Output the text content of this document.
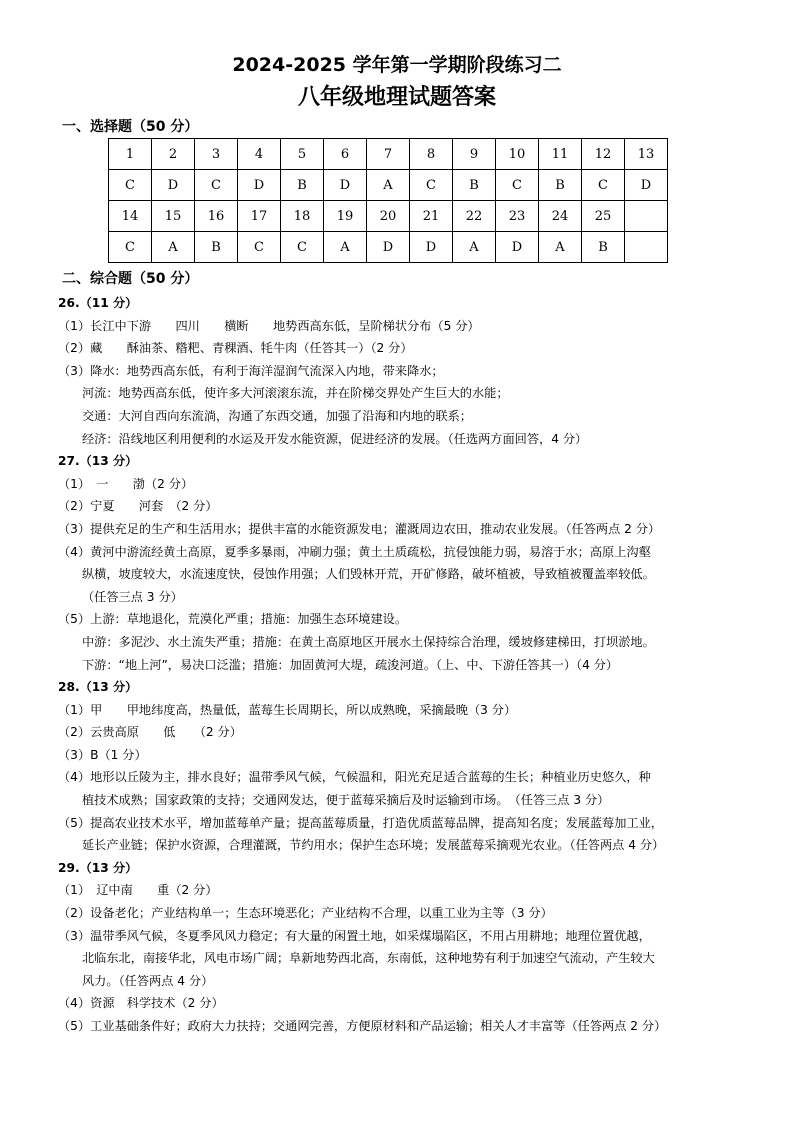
2024-2025 学年第一学期阶段练习二
八年级地理试题答案
一、选择题（50 分）
1	2	3	4	5	6	7	8	9	10	11	12	13
C	D	C	D	B	D	A	C	B	C	B	C	D
14	15	16	17	18	19	20	21	22	23	24	25	
C	A	B	C	C	A	D	D	A	D	A	B	
二、综合题（50 分）
26.（11 分）
（1）长江中下游　　四川　　横断　　地势西高东低，呈阶梯状分布（5 分）
（2）藏　　酥油茶、糌粑、青稞酒、牦牛肉（任答其一）（2 分）
（3）降水：地势西高东低，有利于海洋湿润气流深入内地，带来降水；
河流：地势西高东低，使许多大河滚滚东流，并在阶梯交界处产生巨大的水能；
交通：大河自西向东流淌，沟通了东西交通，加强了沿海和内地的联系；
经济：沿线地区利用便利的水运及开发水能资源，促进经济的发展。（任选两方面回答，4 分）
27.（13 分）
（1）　一　　渤（2 分）
（2）宁夏　　河套　（2 分）
（3）提供充足的生产和生活用水；提供丰富的水能资源发电；灌溉周边农田，推动农业发展。（任答两点 2 分）
（4）黄河中游流经黄土高原，夏季多暴雨，冲刷力强；黄土土质疏松，抗侵蚀能力弱，易溶于水；高原上沟壑
纵横，坡度较大，水流速度快，侵蚀作用强；人们毁林开荒，开矿修路，破坏植被，导致植被覆盖率较低。
（任答三点 3 分）
（5）上游：草地退化，荒漠化严重；措施：加强生态环境建设。
中游：多泥沙、水土流失严重；措施：在黄土高原地区开展水土保持综合治理，缓坡修建梯田，打坝淤地。
下游：“地上河”，易决口泛滥；措施：加固黄河大堤，疏浚河道。（上、中、下游任答其一）（4 分）
28.（13 分）
（1）甲　　甲地纬度高，热量低，蓝莓生长周期长，所以成熟晚，采摘最晚（3 分）
（2）云贵高原　　低　　（2 分）
（3）B（1 分）
（4）地形以丘陵为主，排水良好；温带季风气候，气候温和，阳光充足适合蓝莓的生长；种植业历史悠久，种
植技术成熟；国家政策的支持；交通网发达，便于蓝莓采摘后及时运输到市场。　（任答三点 3 分）
（5）提高农业技术水平，增加蓝莓单产量；提高蓝莓质量，打造优质蓝莓品牌，提高知名度；发展蓝莓加工业，
延长产业链；保护水资源，合理灌溉，节约用水；保护生态环境；发展蓝莓采摘观光农业。（任答两点 4 分）
29.（13 分）
（1）　辽中南　　重（2 分）
（2）设备老化；产业结构单一；生态环境恶化；产业结构不合理，以重工业为主等（3 分）
（3）温带季风气候，冬夏季风风力稳定；有大量的闲置土地，如采煤塌陷区，不用占用耕地；地理位置优越，
北临东北，南接华北，风电市场广阔；阜新地势西北高，东南低，这种地势有利于加速空气流动，产生较大
风力。（任答两点 4 分）
（4）资源　科学技术（2 分）
（5）工业基础条件好；政府大力扶持；交通网完善，方便原材料和产品运输；相关人才丰富等（任答两点 2 分）
